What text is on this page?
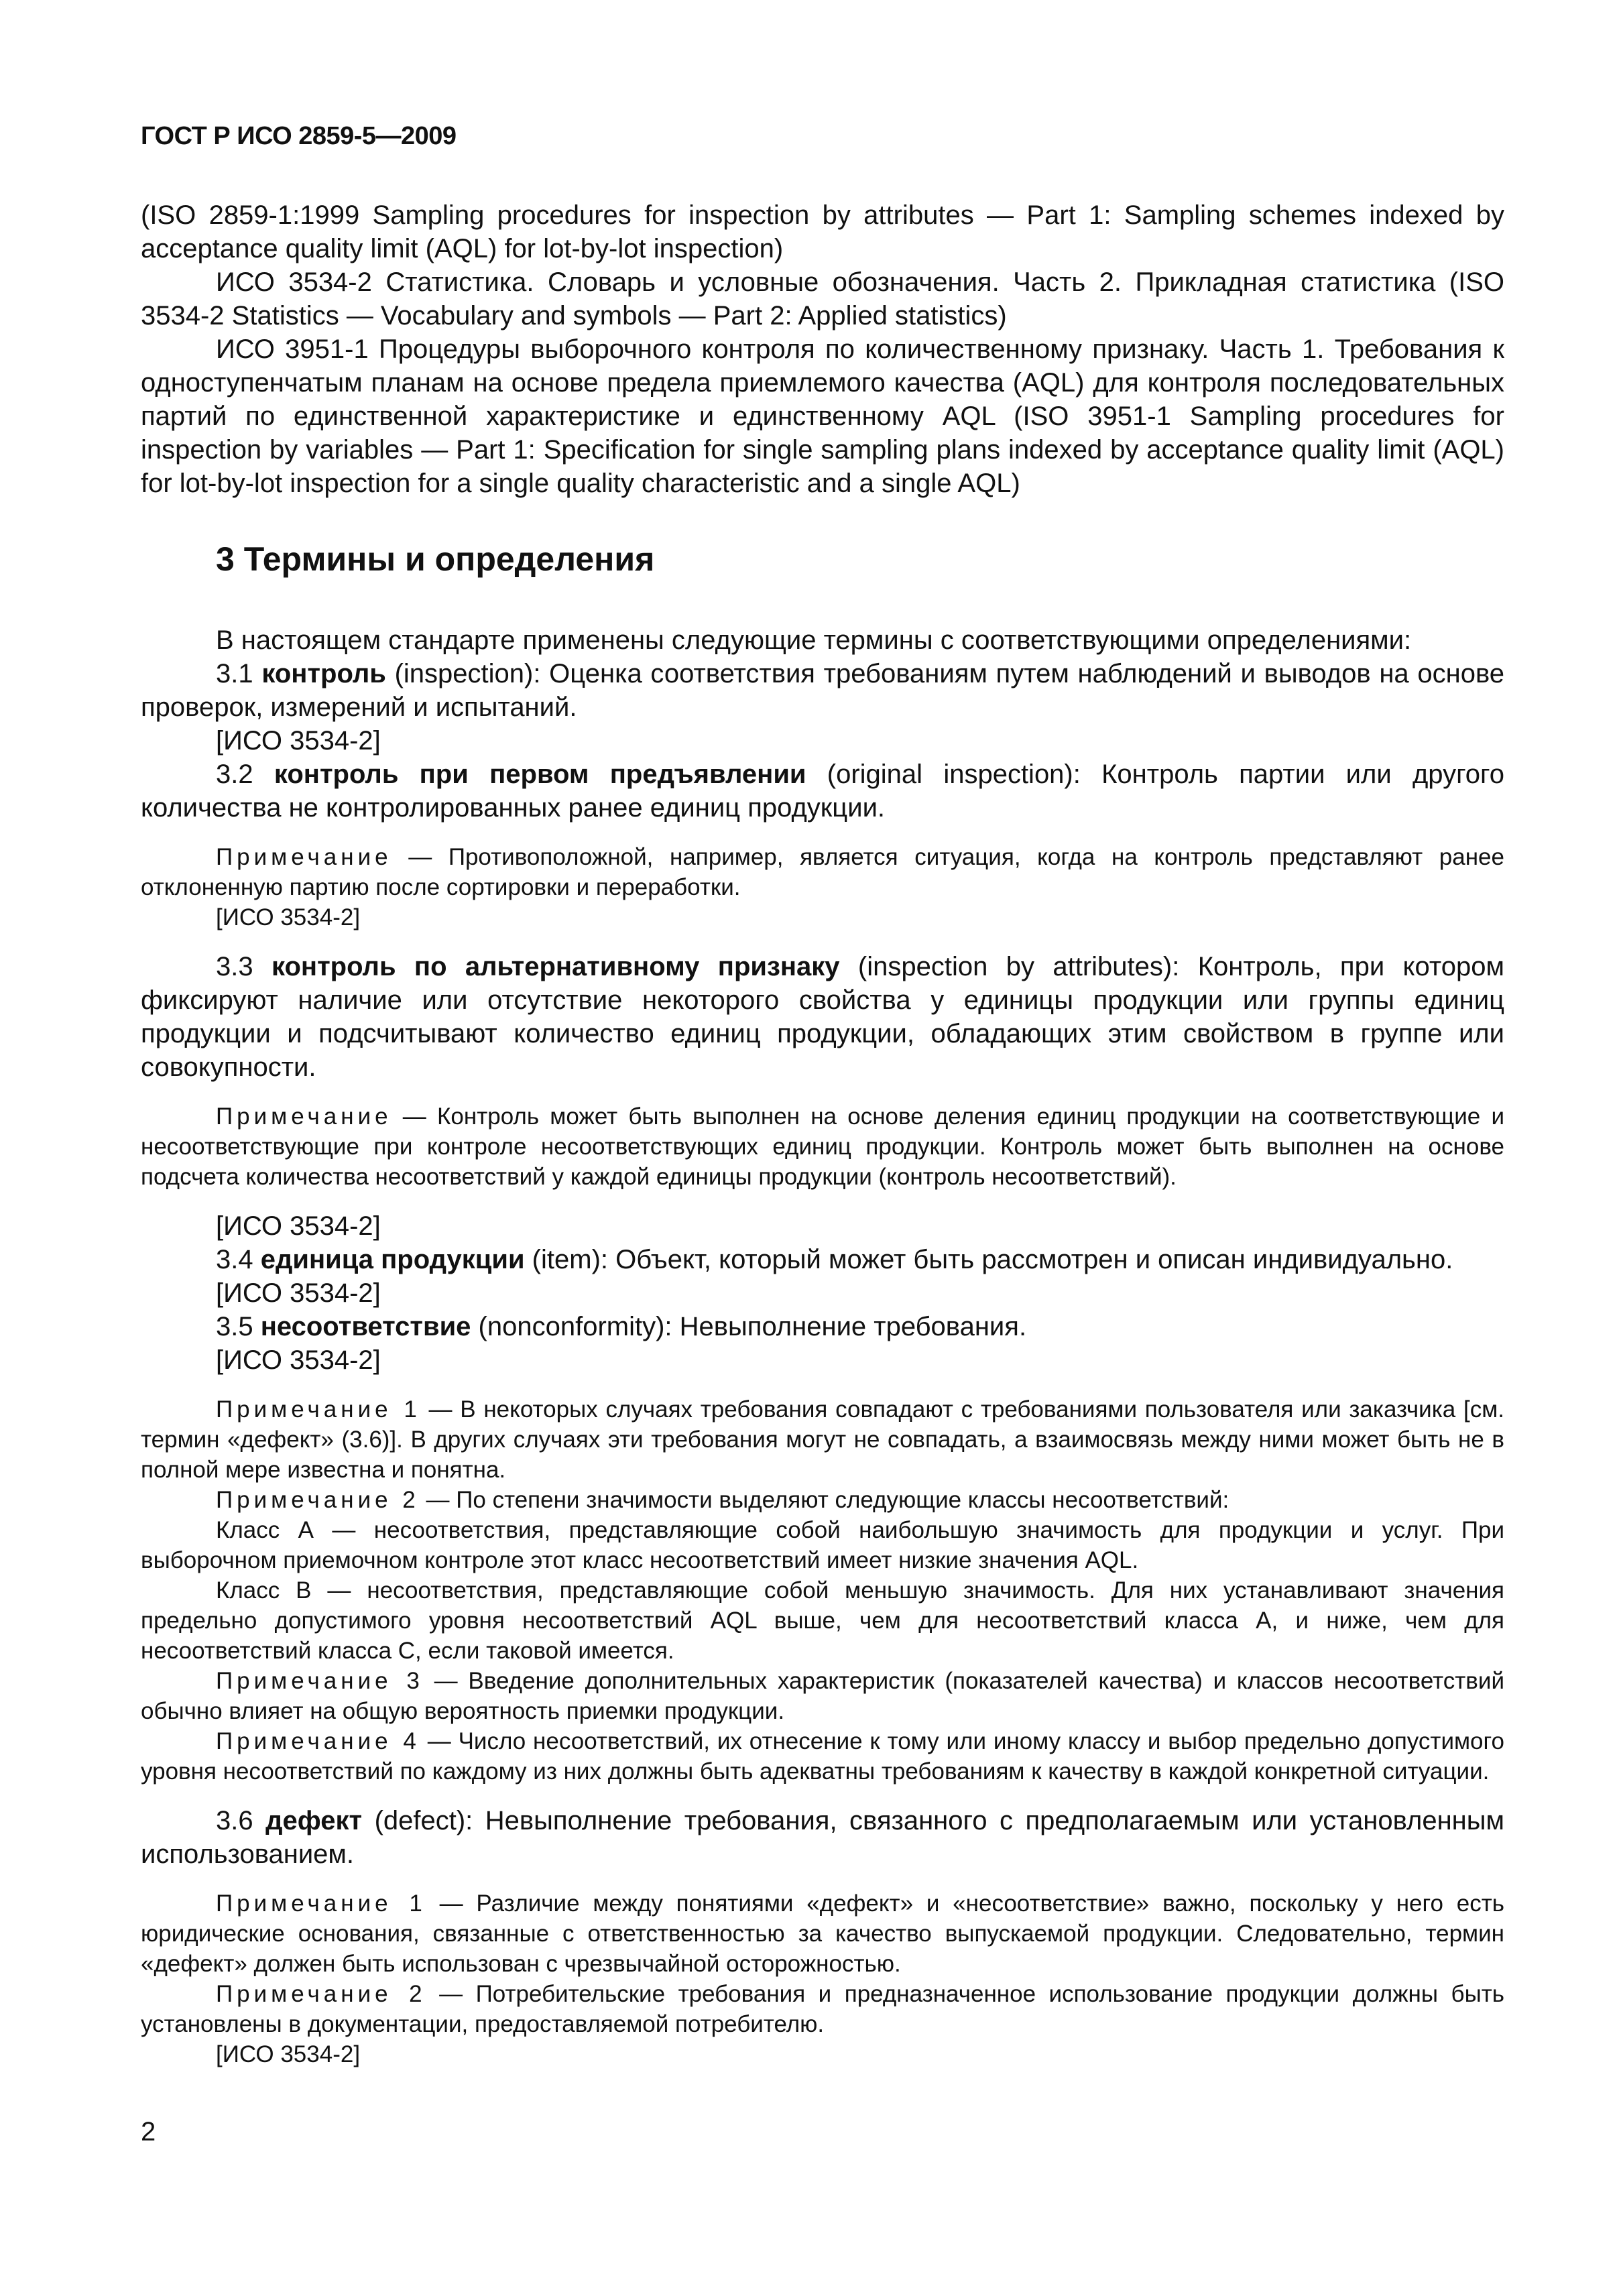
ГОСТ Р ИСО 2859-5—2009

(ISO 2859-1:1999 Sampling procedures for inspection by attributes — Part 1: Sampling schemes indexed by acceptance quality limit (AQL) for lot-by-lot inspection)

ИСО 3534-2 Статистика. Словарь и условные обозначения. Часть 2. Прикладная статистика (ISO 3534-2 Statistics — Vocabulary and symbols — Part 2: Applied statistics)

ИСО 3951-1 Процедуры выборочного контроля по количественному признаку. Часть 1. Требования к одноступенчатым планам на основе предела приемлемого качества (AQL) для контроля последовательных партий по единственной характеристике и единственному AQL (ISO 3951-1 Sampling procedures for inspection by variables — Part 1: Specification for single sampling plans indexed by acceptance quality limit (AQL) for lot-by-lot inspection for a single quality characteristic and a single AQL)

3 Термины и определения

В настоящем стандарте применены следующие термины с соответствующими определениями:

3.1 контроль (inspection): Оценка соответствия требованиям путем наблюдений и выводов на основе проверок, измерений и испытаний.

[ИСО 3534-2]

3.2 контроль при первом предъявлении (original inspection): Контроль партии или другого количества не контролированных ранее единиц продукции.

Примечание — Противоположной, например, является ситуация, когда на контроль представляют ранее отклоненную партию после сортировки и переработки.

[ИСО 3534-2]

3.3 контроль по альтернативному признаку (inspection by attributes): Контроль, при котором фиксируют наличие или отсутствие некоторого свойства у единицы продукции или группы единиц продукции и подсчитывают количество единиц продукции, обладающих этим свойством в группе или совокупности.

Примечание — Контроль может быть выполнен на основе деления единиц продукции на соответствующие и несоответствующие при контроле несоответствующих единиц продукции. Контроль может быть выполнен на основе подсчета количества несоответствий у каждой единицы продукции (контроль несоответствий).

[ИСО 3534-2]

3.4 единица продукции (item): Объект, который может быть рассмотрен и описан индивидуально.

[ИСО 3534-2]

3.5 несоответствие (nonconformity): Невыполнение требования.

[ИСО 3534-2]

Примечание 1 — В некоторых случаях требования совпадают с требованиями пользователя или заказчика [см. термин «дефект» (3.6)]. В других случаях эти требования могут не совпадать, а взаимосвязь между ними может быть не в полной мере известна и понятна.

Примечание 2 — По степени значимости выделяют следующие классы несоответствий:

Класс А — несоответствия, представляющие собой наибольшую значимость для продукции и услуг. При выборочном приемочном контроле этот класс несоответствий имеет низкие значения AQL.

Класс В — несоответствия, представляющие собой меньшую значимость. Для них устанавливают значения предельно допустимого уровня несоответствий AQL выше, чем для несоответствий класса А, и ниже, чем для несоответствий класса С, если таковой имеется.

Примечание 3 — Введение дополнительных характеристик (показателей качества) и классов несоответствий обычно влияет на общую вероятность приемки продукции.

Примечание 4 — Число несоответствий, их отнесение к тому или иному классу и выбор предельно допустимого уровня несоответствий по каждому из них должны быть адекватны требованиям к качеству в каждой конкретной ситуации.

3.6 дефект (defect): Невыполнение требования, связанного с предполагаемым или установленным использованием.

Примечание 1 — Различие между понятиями «дефект» и «несоответствие» важно, поскольку у него есть юридические основания, связанные с ответственностью за качество выпускаемой продукции. Следовательно, термин «дефект» должен быть использован с чрезвычайной осторожностью.

Примечание 2 — Потребительские требования и предназначенное использование продукции должны быть установлены в документации, предоставляемой потребителю.

[ИСО 3534-2]

2
